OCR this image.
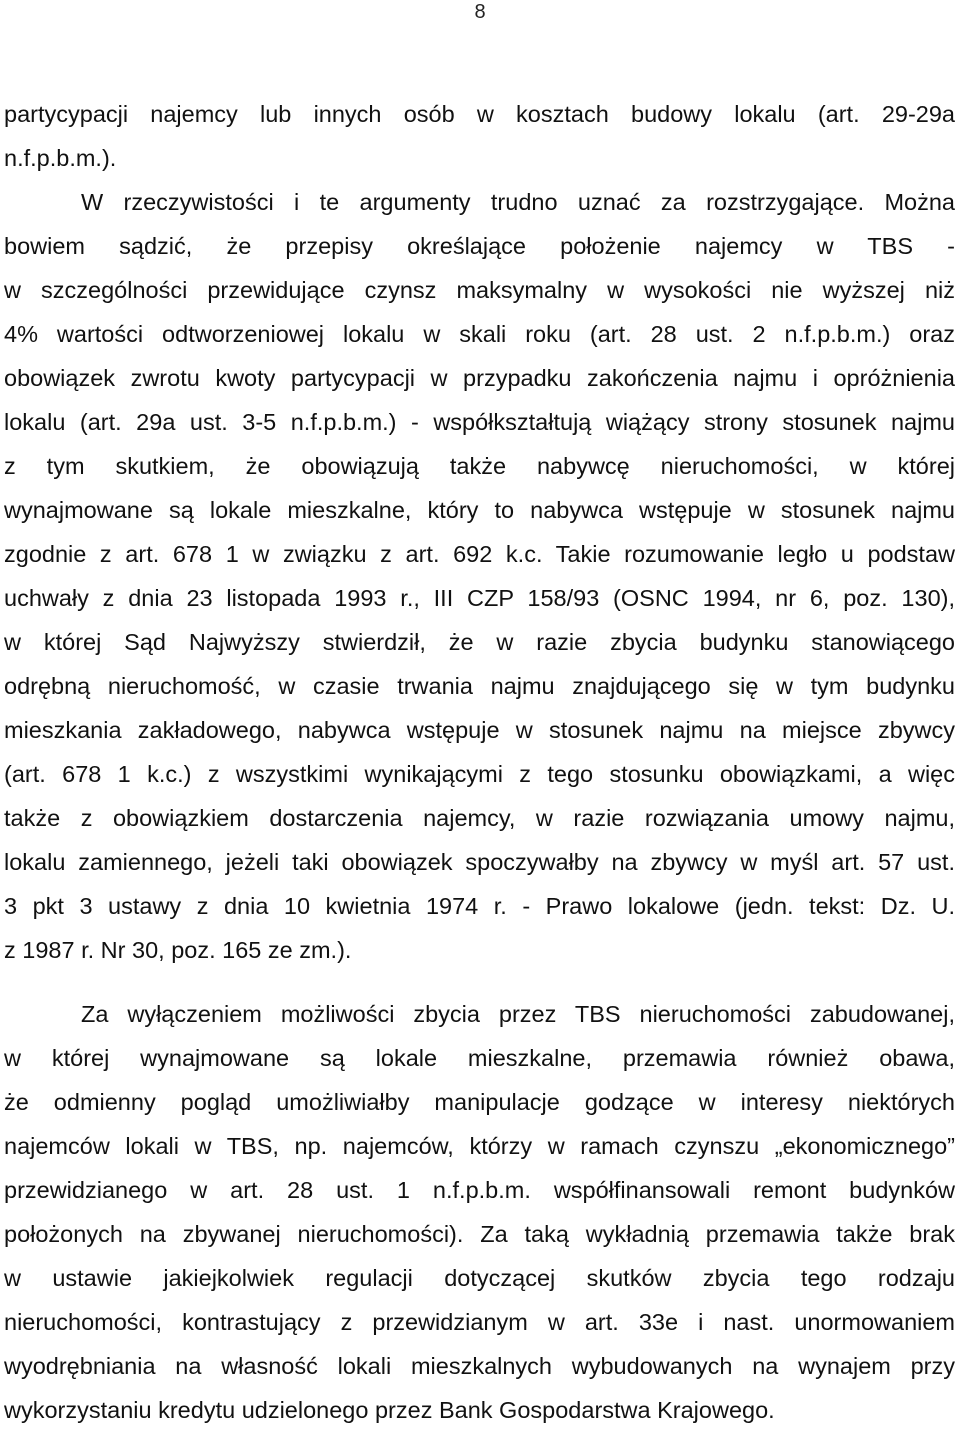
8
partycypacji najemcy lub innych osób w kosztach budowy lokalu (art. 29-29a
n.f.p.b.m.).
W rzeczywistości i te argumenty trudno uznać za rozstrzygające. Można
bowiem sądzić, że przepisy określające położenie najemcy w TBS -
w szczególności przewidujące czynsz maksymalny w wysokości nie wyższej niż
4% wartości odtworzeniowej lokalu w skali roku (art. 28 ust. 2 n.f.p.b.m.) oraz
obowiązek zwrotu kwoty partycypacji w przypadku zakończenia najmu i opróżnienia
lokalu (art. 29a ust. 3-5 n.f.p.b.m.) - współkształtują wiążący strony stosunek najmu
z tym skutkiem, że obowiązują także nabywcę nieruchomości, w której
wynajmowane są lokale mieszkalne, który to nabywca wstępuje w stosunek najmu
zgodnie z art. 678 1 w związku z art. 692 k.c. Takie rozumowanie legło u podstaw
uchwały z dnia 23 listopada 1993 r., III CZP 158/93 (OSNC 1994, nr 6, poz. 130),
w której Sąd Najwyższy stwierdził, że w razie zbycia budynku stanowiącego
odrębną nieruchomość, w czasie trwania najmu znajdującego się w tym budynku
mieszkania zakładowego, nabywca wstępuje w stosunek najmu na miejsce zbywcy
(art. 678 1 k.c.) z wszystkimi wynikającymi z tego stosunku obowiązkami, a więc
także z obowiązkiem dostarczenia najemcy, w razie rozwiązania umowy najmu,
lokalu zamiennego, jeżeli taki obowiązek spoczywałby na zbywcy w myśl art. 57 ust.
3 pkt 3 ustawy z dnia 10 kwietnia 1974 r. - Prawo lokalowe (jedn. tekst: Dz. U.
z 1987 r. Nr 30, poz. 165 ze zm.).
Za wyłączeniem możliwości zbycia przez TBS nieruchomości zabudowanej,
w której wynajmowane są lokale mieszkalne, przemawia również obawa,
że odmienny pogląd umożliwiałby manipulacje godzące w interesy niektórych
najemców lokali w TBS, np. najemców, którzy w ramach czynszu „ekonomicznego”
przewidzianego w art. 28 ust. 1 n.f.p.b.m. współfinansowali remont budynków
położonych na zbywanej nieruchomości). Za taką wykładnią przemawia także brak
w ustawie jakiejkolwiek regulacji dotyczącej skutków zbycia tego rodzaju
nieruchomości, kontrastujący z przewidzianym w art. 33e i nast. unormowaniem
wyodrębniania na własność lokali mieszkalnych wybudowanych na wynajem przy
wykorzystaniu kredytu udzielonego przez Bank Gospodarstwa Krajowego.
